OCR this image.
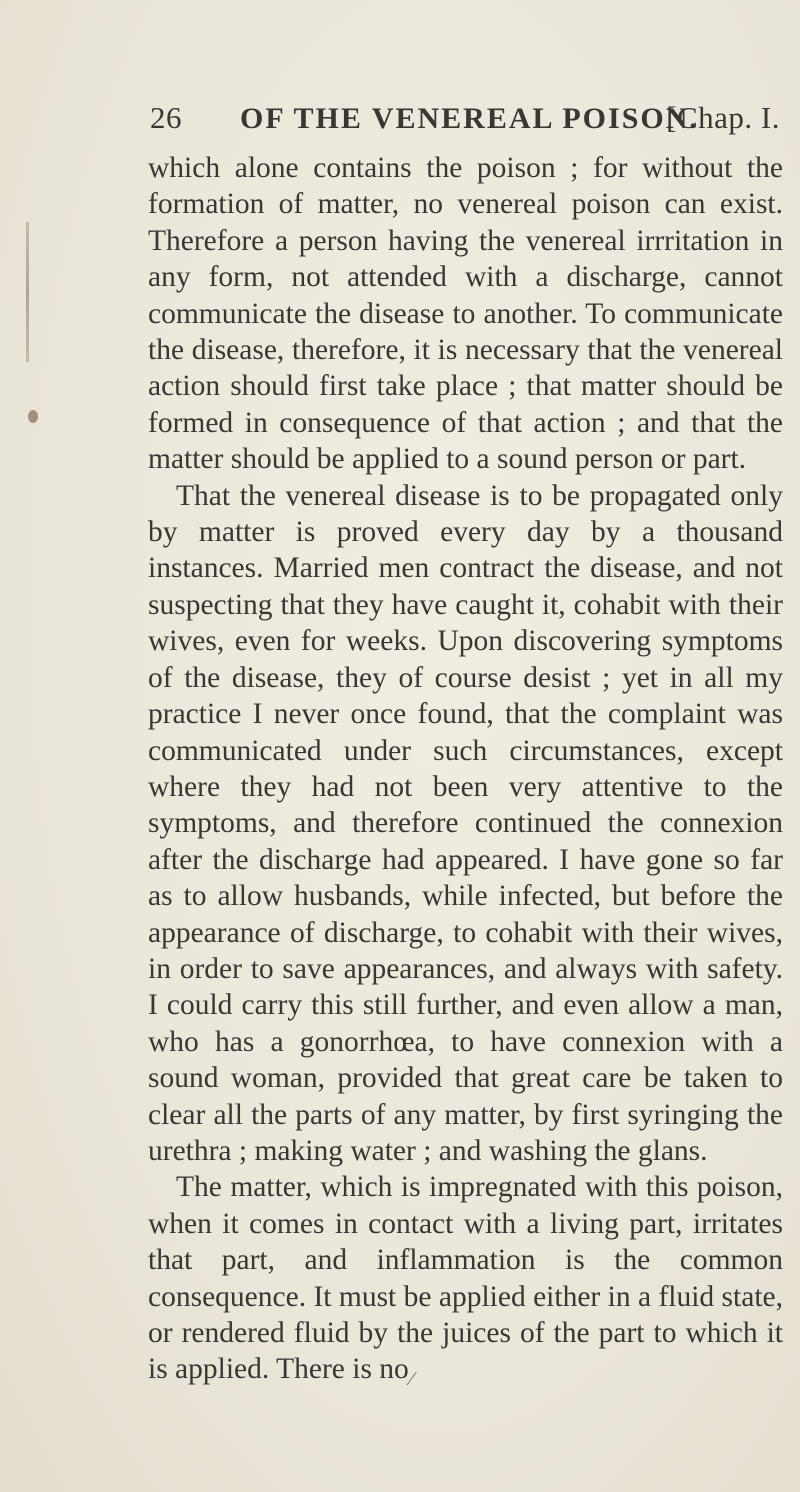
26 OF THE VENEREAL POISON.
[Chap. I.

which alone contains the poison ; for without the formation of matter, no venereal poison can exist. Therefore a person having the venereal irrritation in any form, not attended with a discharge, cannot communicate the disease to another. To communicate the disease, therefore, it is necessary that the venereal action should first take place ; that matter should be formed in consequence of that action ; and that the matter should be applied to a sound person or part.

That the venereal disease is to be propagated only by matter is proved every day by a thousand instances. Married men contract the disease, and not suspecting that they have caught it, cohabit with their wives, even for weeks. Upon discovering symptoms of the disease, they of course desist ; yet in all my practice I never once found, that the complaint was communicated under such circumstances, except where they had not been very attentive to the symptoms, and therefore continued the connexion after the discharge had appeared. I have gone so far as to allow husbands, while infected, but before the appearance of discharge, to cohabit with their wives, in order to save appearances, and always with safety. I could carry this still further, and even allow a man, who has a gonorrhœa, to have connexion with a sound woman, provided that great care be taken to clear all the parts of any matter, by first syringing the urethra ; making water ; and washing the glans.

The matter, which is impregnated with this poison, when it comes in contact with a living part, irritates that part, and inflammation is the common consequence. It must be applied either in a fluid state, or rendered fluid by the juices of the part to which it is applied. There is no ⁄
